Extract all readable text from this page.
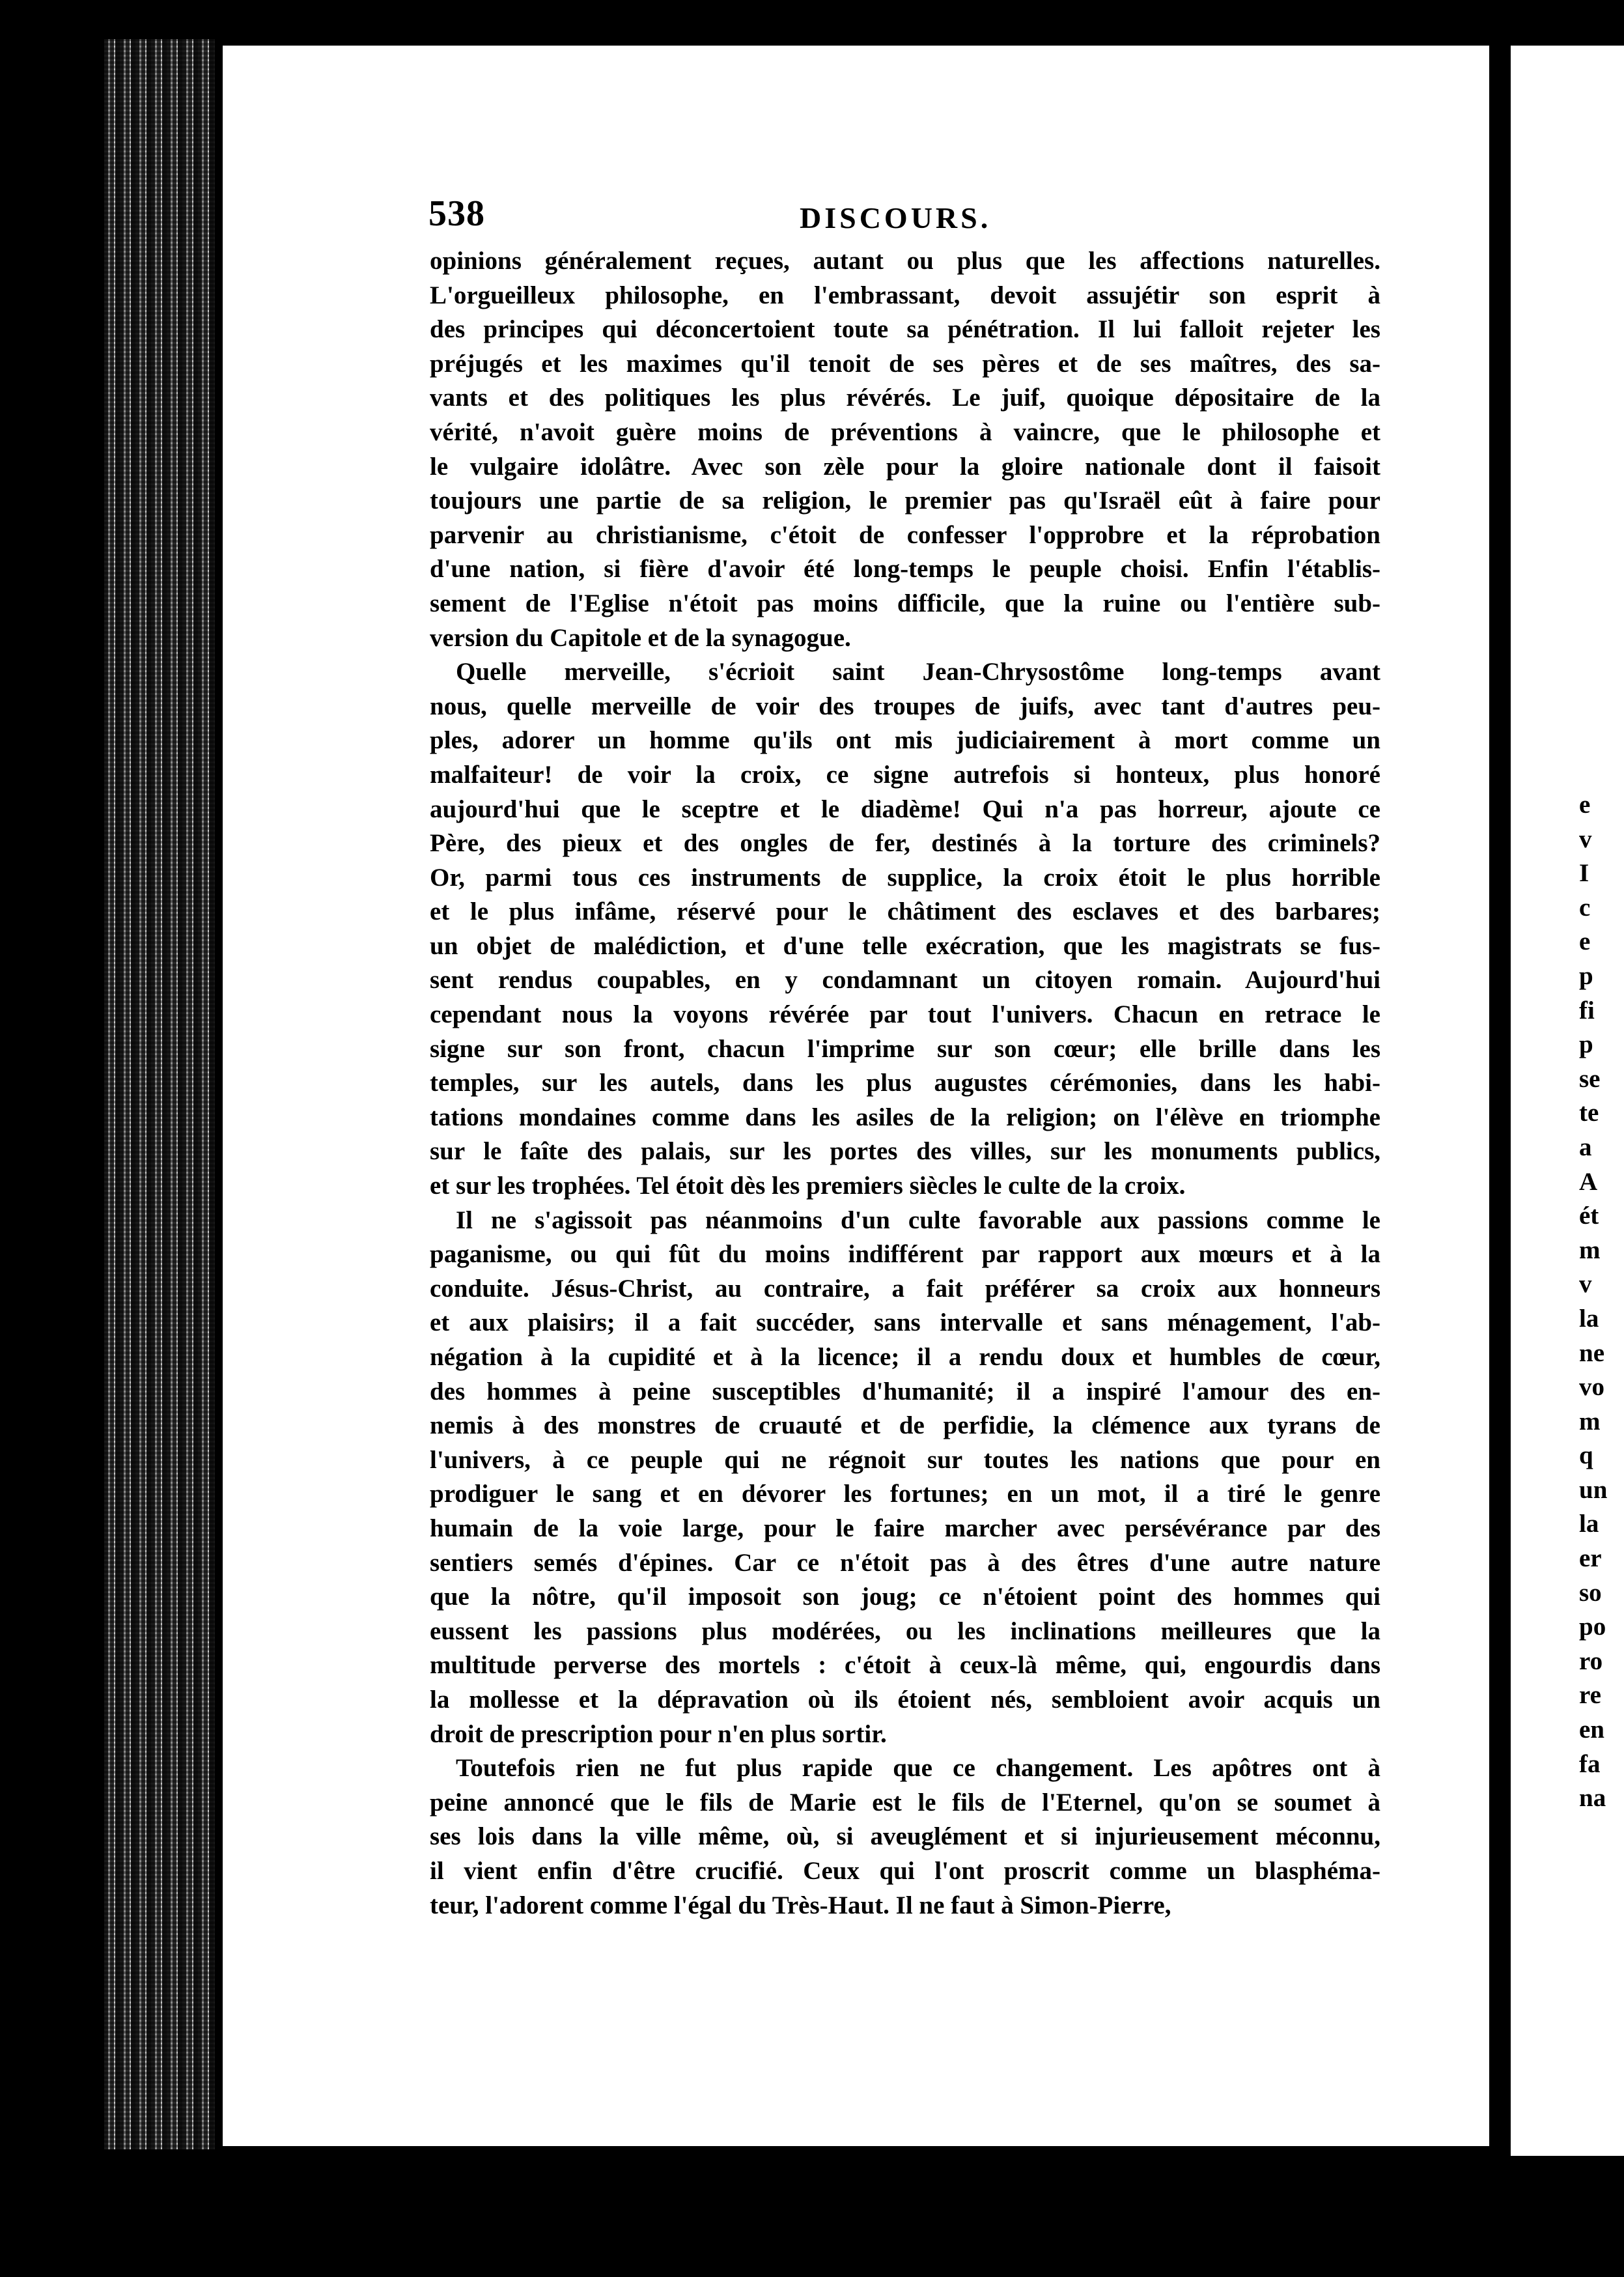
e
v
I
c
e
p
fi
p
se
te
a
A
ét
m
v
la
ne
vo
m
q
un
la
er
so
po
ro
re
en
fa
na
538	DISCOURS.
opinions généralement reçues, autant ou plus que les affections naturelles.
L'orgueilleux philosophe, en l'embrassant, devoit assujétir son esprit à
des principes qui déconcertoient toute sa pénétration. Il lui falloit rejeter les
préjugés et les maximes qu'il tenoit de ses pères et de ses maîtres, des sa-
vants et des politiques les plus révérés. Le juif, quoique dépositaire de la
vérité, n'avoit guère moins de préventions à vaincre, que le philosophe et
le vulgaire idolâtre. Avec son zèle pour la gloire nationale dont il faisoit
toujours une partie de sa religion, le premier pas qu'Israël eût à faire pour
parvenir au christianisme, c'étoit de confesser l'opprobre et la réprobation
d'une nation, si fière d'avoir été long-temps le peuple choisi. Enfin l'établis-
sement de l'Eglise n'étoit pas moins difficile, que la ruine ou l'entière sub-
version du Capitole et de la synagogue.
Quelle merveille, s'écrioit saint Jean-Chrysostôme long-temps avant
nous, quelle merveille de voir des troupes de juifs, avec tant d'autres peu-
ples, adorer un homme qu'ils ont mis judiciairement à mort comme un
malfaiteur! de voir la croix, ce signe autrefois si honteux, plus honoré
aujourd'hui que le sceptre et le diadème! Qui n'a pas horreur, ajoute ce
Père, des pieux et des ongles de fer, destinés à la torture des criminels?
Or, parmi tous ces instruments de supplice, la croix étoit le plus horrible
et le plus infâme, réservé pour le châtiment des esclaves et des barbares;
un objet de malédiction, et d'une telle exécration, que les magistrats se fus-
sent rendus coupables, en y condamnant un citoyen romain. Aujourd'hui
cependant nous la voyons révérée par tout l'univers. Chacun en retrace le
signe sur son front, chacun l'imprime sur son cœur; elle brille dans les
temples, sur les autels, dans les plus augustes cérémonies, dans les habi-
tations mondaines comme dans les asiles de la religion; on l'élève en triomphe
sur le faîte des palais, sur les portes des villes, sur les monuments publics,
et sur les trophées. Tel étoit dès les premiers siècles le culte de la croix.
Il ne s'agissoit pas néanmoins d'un culte favorable aux passions comme le
paganisme, ou qui fût du moins indifférent par rapport aux mœurs et à la
conduite. Jésus-Christ, au contraire, a fait préférer sa croix aux honneurs
et aux plaisirs; il a fait succéder, sans intervalle et sans ménagement, l'ab-
négation à la cupidité et à la licence; il a rendu doux et humbles de cœur,
des hommes à peine susceptibles d'humanité; il a inspiré l'amour des en-
nemis à des monstres de cruauté et de perfidie, la clémence aux tyrans de
l'univers, à ce peuple qui ne régnoit sur toutes les nations que pour en
prodiguer le sang et en dévorer les fortunes; en un mot, il a tiré le genre
humain de la voie large, pour le faire marcher avec persévérance par des
sentiers semés d'épines. Car ce n'étoit pas à des êtres d'une autre nature
que la nôtre, qu'il imposoit son joug; ce n'étoient point des hommes qui
eussent les passions plus modérées, ou les inclinations meilleures que la
multitude perverse des mortels : c'étoit à ceux-là même, qui, engourdis dans
la mollesse et la dépravation où ils étoient nés, sembloient avoir acquis un
droit de prescription pour n'en plus sortir.
Toutefois rien ne fut plus rapide que ce changement. Les apôtres ont à
peine annoncé que le fils de Marie est le fils de l'Eternel, qu'on se soumet à
ses lois dans la ville même, où, si aveuglément et si injurieusement méconnu,
il vient enfin d'être crucifié. Ceux qui l'ont proscrit comme un blasphéma-
teur, l'adorent comme l'égal du Très-Haut. Il ne faut à Simon-Pierre,
